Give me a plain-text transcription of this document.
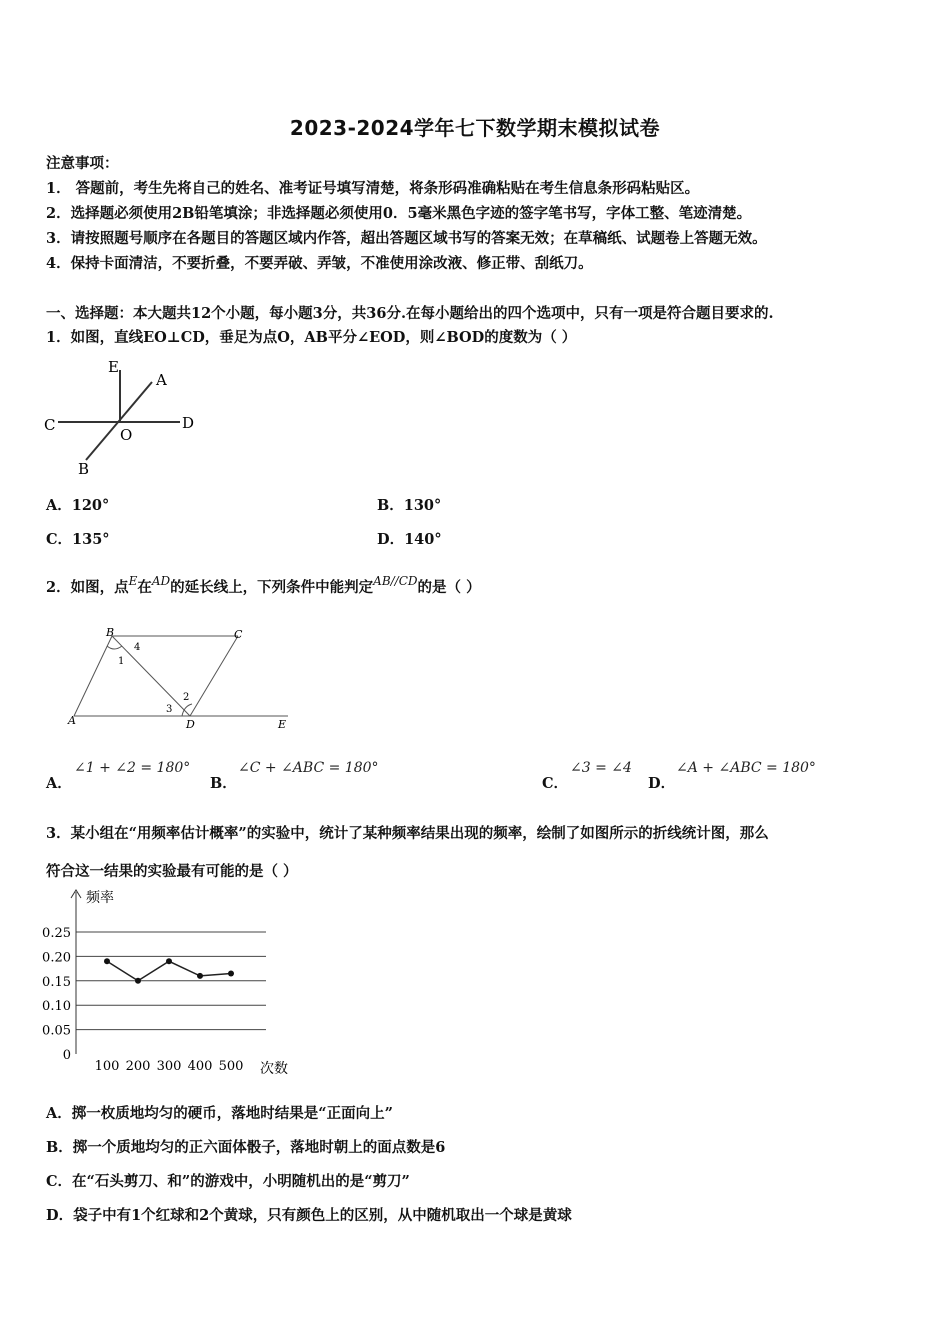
2023-2024学年七下数学期末模拟试卷
注意事项：
1． 答题前，考生先将自己的姓名、准考证号填写清楚，将条形码准确粘贴在考生信息条形码粘贴区。
2．选择题必须使用2B铅笔填涂；非选择题必须使用0．5毫米黑色字迹的签字笔书写，字体工整、笔迹清楚。
3．请按照题号顺序在各题目的答题区域内作答，超出答题区域书写的答案无效；在草稿纸、试题卷上答题无效。
4．保持卡面清洁，不要折叠，不要弄破、弄皱，不准使用涂改液、修正带、刮纸刀。
一、选择题：本大题共12个小题，每小题3分，共36分.在每小题给出的四个选项中，只有一项是符合题目要求的.
1．如图，直线EO⊥CD，垂足为点O，AB平分∠EOD，则∠BOD的度数为（ ）
E
A
C
O
D
B
A．120°	B．130°
C．135°	D．140°
2．如图，点$^E$在$^{AD}$的延长线上，下列条件中能判定$^{AB//CD}$的是（ ）
B	C
A	D	E
1
4
2
3
A．
∠1 + ∠2 = 180°
B．
∠C + ∠ABC = 180°
C．
∠3 = ∠4
D．
∠A + ∠ABC = 180°
3．某小组在“用频率估计概率”的实验中，统计了某种频率结果出现的频率，绘制了如图所示的折线统计图，那么
符合这一结果的实验最有可能的是（ ）
频率
0
0.05
0.10
0.15
0.20
0.25
100 200 300 400 500 次数
A．掷一枚质地均匀的硬币，落地时结果是“正面向上”
B．掷一个质地均匀的正六面体骰子，落地时朝上的面点数是6
C．在“石头剪刀、和”的游戏中，小明随机出的是“剪刀”
D．袋子中有1个红球和2个黄球，只有颜色上的区别，从中随机取出一个球是黄球
